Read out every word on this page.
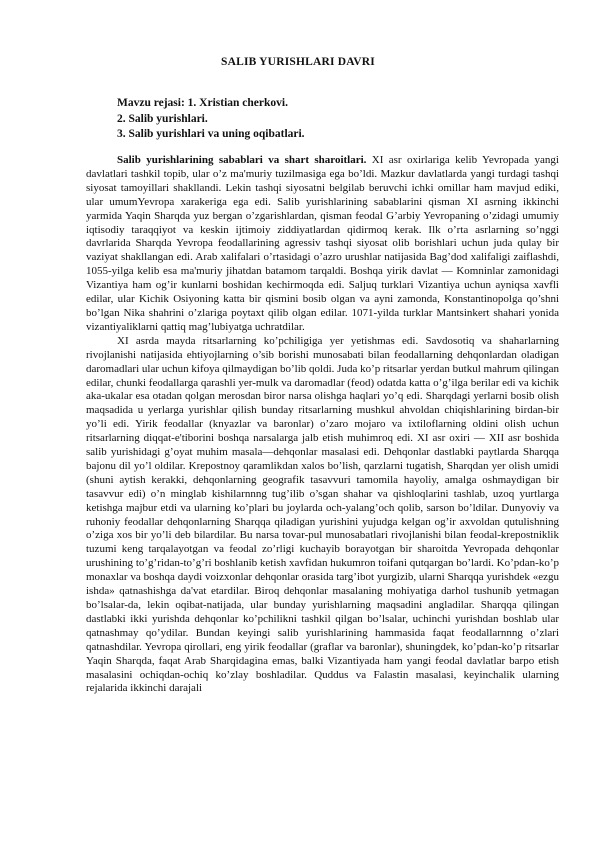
SALIB YURISHLARI DAVRI
Mavzu rejasi: 1. Xristian cherkovi.
2. Salib yurishlari.
3. Salib yurishlari va uning oqibatlari.

Salib yurishlarining sabablari va shart sharoitlari. XI asr oxirlariga kelib Yevropada yangi davlatlari tashkil topib, ular o’z ma'muriy tuzilmasiga ega bo’ldi. Mazkur davlatlarda yangi turdagi tashqi siyosat tamoyillari shakllandi. Lekin tashqi siyosatni belgilab beruvchi ichki omillar ham mavjud ediki, ular umumYevropa xarakeriga ega edi. Salib yurishlarining sabablarini qisman XI asrning ikkinchi yarmida Yaqin Sharqda yuz bergan o’zgarishlardan, qisman feodal G’arbiy Yevropaning o’zidagi umumiy iqtisodiy taraqqiyot va keskin ijtimoiy ziddiyatlardan qidirmoq kerak. Ilk o’rta asrlarning so’nggi davrlarida Sharqda Yevropa feodallarining agressiv tashqi siyosat olib borishlari uchun juda qulay bir vaziyat shakllangan edi. Arab xalifalari o’rtasidagi o’azro urushlar natijasida Bag’dod xalifaligi zaiflashdi, 1055-yilga kelib esa ma'muriy jihatdan batamom tarqaldi. Boshqa yirik davlat — Komninlar zamonidagi Vizantiya ham og’ir kunlarni boshidan kechirmoqda edi. Saljuq turklari Vizantiya uchun ayniqsa xavfli edilar, ular Kichik Osiyoning katta bir qismini bosib olgan va ayni zamonda, Konstantinopolga qo’shni bo’lgan Nika shahrini o’zlariga poytaxt qilib olgan edilar. 1071-yilda turklar Mantsinkert shahari yonida vizantiyaliklarni qattiq mag’lubiyatga uchratdilar.

XI asrda mayda ritsarlarning ko’pchiligiga yer yetishmas edi. Savdosotiq va shaharlarning rivojlanishi natijasida ehtiyojlarning o’sib borishi munosabati bilan feodallarning dehqonlardan oladigan daromadlari ular uchun kifoya qilmaydigan bo’lib qoldi. Juda ko’p ritsarlar yerdan butkul mahrum qilingan edilar, chunki feodallarga qarashli yer-mulk va daromadlar (feod) odatda katta o’g’ilga berilar edi va kichik aka-ukalar esa otadan qolgan merosdan biror narsa olishga haqlari yo’q edi. Sharqdagi yerlarni bosib olish maqsadida u yerlarga yurishlar qilish bunday ritsarlarning mushkul ahvoldan chiqishlarining birdan-bir yo’li edi. Yirik feodallar (knyazlar va baronlar) o’zaro mojaro va ixtiloflarning oldini olish uchun ritsarlarning diqqat-e'tiborini boshqa narsalarga jalb etish muhimroq edi. XI asr oxiri — XII asr boshida salib yurishidagi g’oyat muhim masala—dehqonlar masalasi edi. Dehqonlar dastlabki paytlarda Sharqqa bajonu dil yo’l oldilar. Krepostnoy qaramlikdan xalos bo’lish, qarzlarni tugatish, Sharqdan yer olish umidi (shuni aytish kerakki, dehqonlarning geografik tasavvuri tamomila hayoliy, amalga oshmaydigan bir tasavvur edi) o’n minglab kishilarnnng tug’ilib o’sgan shahar va qishloqlarini tashlab, uzoq yurtlarga ketishga majbur etdi va ularning ko’plari bu joylarda och-yalang’och qolib, sarson bo’ldilar. Dunyoviy va ruhoniy feodallar dehqonlarning Sharqqa qiladigan yurishini yujudga kelgan og’ir axvoldan qutulishning o’ziga xos bir yo’li deb bilardilar. Bu narsa tovar-pul munosabatlari rivojlanishi bilan feodal-krepostniklik tuzumi keng tarqalayotgan va feodal zo’rligi kuchayib borayotgan bir sharoitda Yevropada dehqonlar urushining to’g’ridan-to’g’ri boshlanib ketish xavfidan hukumron toifani qutqargan bo’lardi. Ko’pdan-ko’p monaxlar va boshqa daydi voizxonlar dehqonlar orasida targ’ibot yurgizib, ularni Sharqqa yurishdek «ezgu ishda» qatnashishga da'vat etardilar. Biroq dehqonlar masalaning mohiyatiga darhol tushunib yetmagan bo’lsalar-da, lekin oqibat-natijada, ular bunday yurishlarning maqsadini angladilar. Sharqqa qilingan dastlabki ikki yurishda dehqonlar ko’pchilikni tashkil qilgan bo’lsalar, uchinchi yurishdan boshlab ular qatnashmay qo’ydilar. Bundan keyingi salib yurishlarining hammasida faqat feodallarnnng o’zlari qatnashdilar. Yevropa qirollari, eng yirik feodallar (graflar va baronlar), shuningdek, ko’pdan-ko’p ritsarlar Yaqin Sharqda, faqat Arab Sharqidagina emas, balki Vizantiyada ham yangi feodal davlatlar barpo etish masalasini ochiqdan-ochiq ko’zlay boshladilar. Quddus va Falastin masalasi, keyinchalik ularning rejalarida ikkinchi darajali
